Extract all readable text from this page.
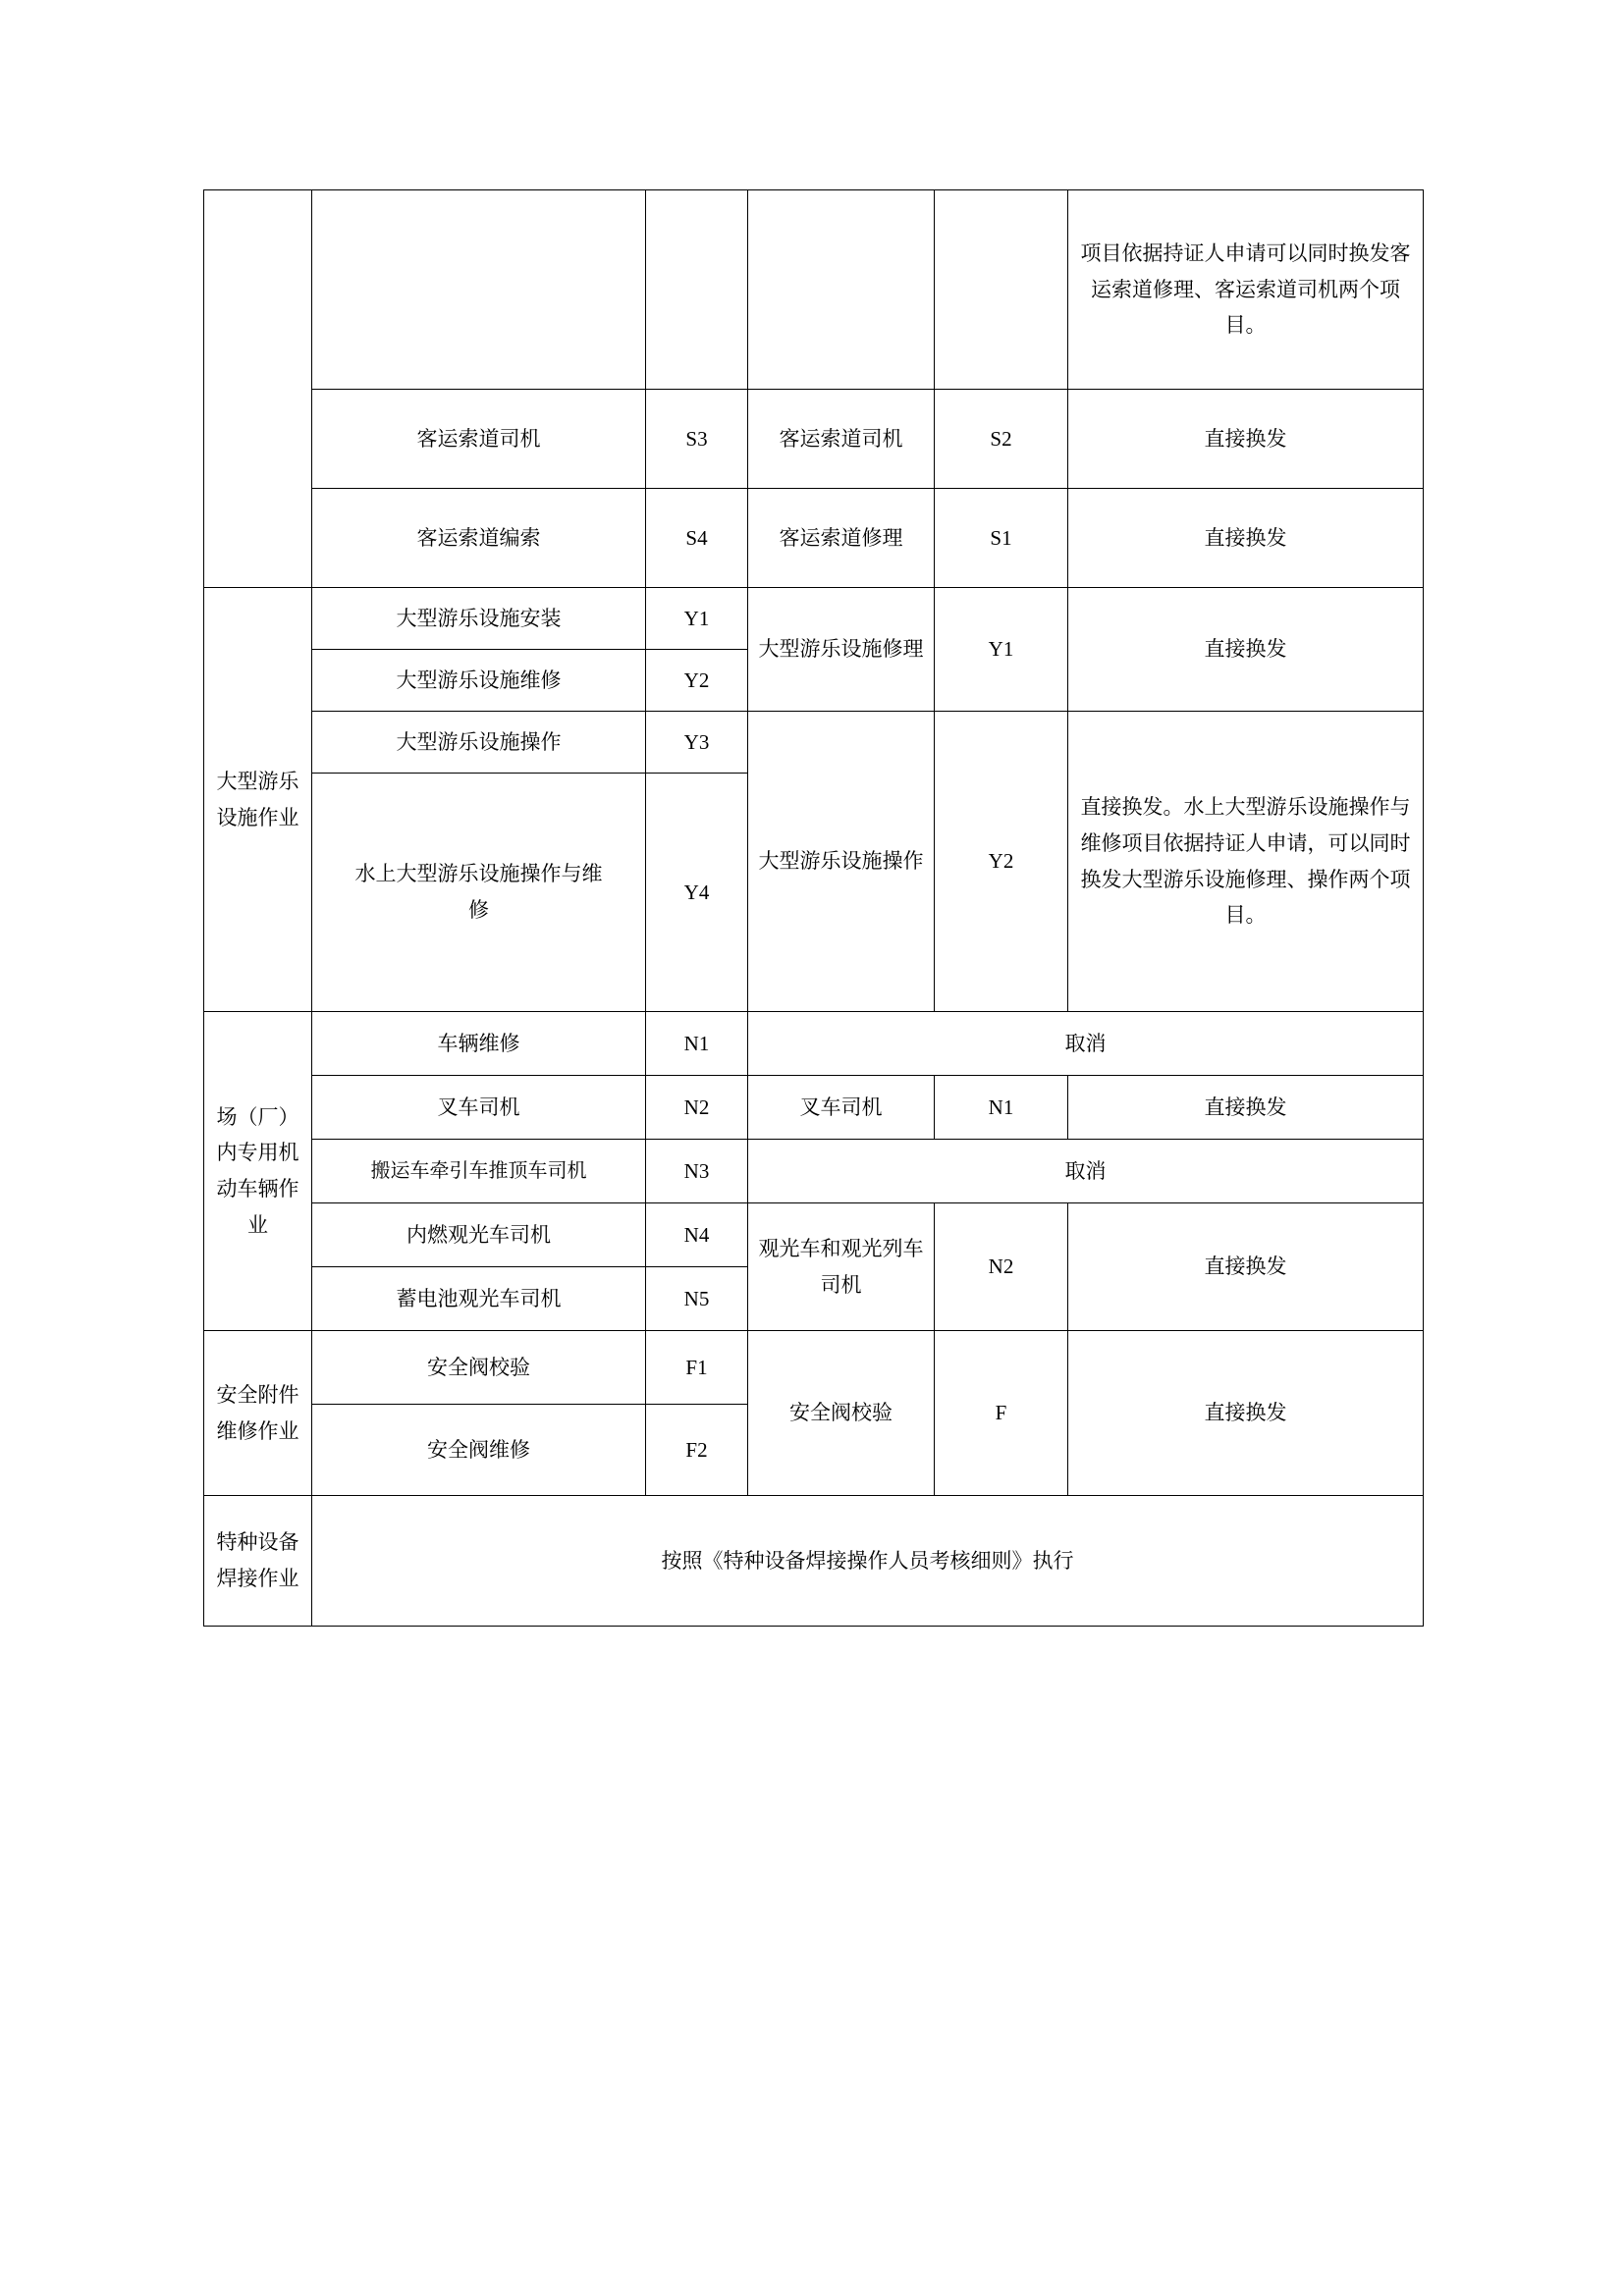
					项目依据持证人申请可以同时换发客运索道修理、客运索道司机两个项目。
	客运索道司机	S3	客运索道司机	S2	直接换发
	客运索道编索	S4	客运索道修理	S1	直接换发
大型游乐设施作业	大型游乐设施安装	Y1	大型游乐设施修理	Y1	直接换发
	大型游乐设施维修	Y2			
	大型游乐设施操作	Y3	大型游乐设施操作	Y2	直接换发。水上大型游乐设施操作与维修项目依据持证人申请，可以同时换发大型游乐设施修理、操作两个项目。
	水上大型游乐设施操作与维修	Y4			
场（厂）内专用机动车辆作业	车辆维修	N1	取消		
	叉车司机	N2	叉车司机	N1	直接换发
	搬运车牵引车推顶车司机	N3	取消		
	内燃观光车司机	N4	观光车和观光列车司机	N2	直接换发
	蓄电池观光车司机	N5			
安全附件维修作业	安全阀校验	F1	安全阀校验	F	直接换发
	安全阀维修	F2			
特种设备焊接作业	按照《特种设备焊接操作人员考核细则》执行				
